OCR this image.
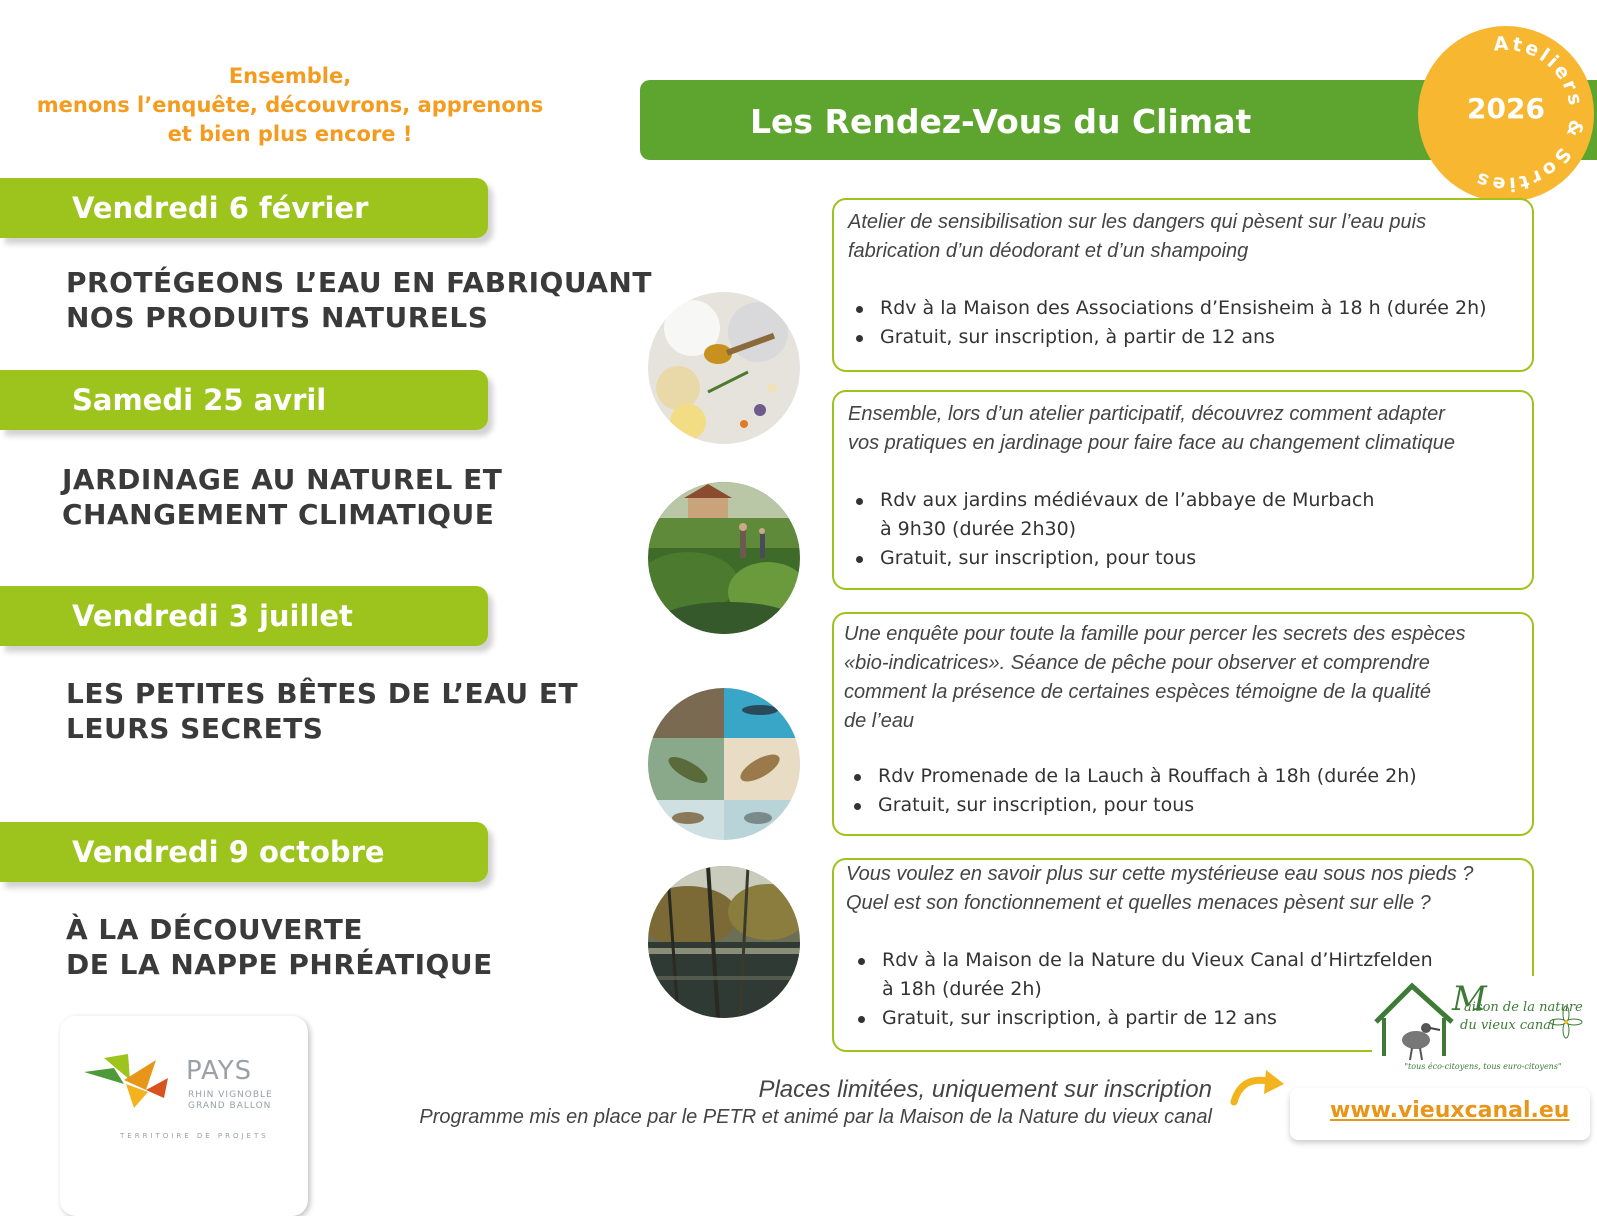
Ensemble,
menons l’enquête, découvrons, apprenons
et bien plus encore !	Les Rendez-Vous du Climat
Ateliers & Sorties
2026
Vendredi 6 février
PROTÉGEONS L’EAU EN FABRIQUANT
NOS PRODUITS NATURELS
Atelier de sensibilisation sur les dangers qui pèsent sur l’eau puis
fabrication d’un déodorant et d’un shampoing
Rdv à la Maison des Associations d’Ensisheim à 18 h (durée 2h)
Gratuit, sur inscription, à partir de 12 ans
Samedi 25 avril
JARDINAGE AU NATUREL ET
CHANGEMENT CLIMATIQUE
Ensemble, lors d’un atelier participatif, découvrez comment adapter
vos pratiques en jardinage pour faire face au changement climatique
Rdv aux jardins médiévaux de l’abbaye de Murbach
à 9h30 (durée 2h30)
Gratuit, sur inscription, pour tous
Vendredi 3 juillet
LES PETITES BÊTES DE L’EAU ET
LEURS SECRETS
Une enquête pour toute la famille pour percer les secrets des espèces
«bio-indicatrices». Séance de pêche pour observer et comprendre
comment la présence de certaines espèces témoigne de la qualité
de l’eau
Rdv Promenade de la Lauch à Rouffach à 18h (durée 2h)
Gratuit, sur inscription, pour tous
Vendredi 9 octobre
À LA DÉCOUVERTE
DE LA NAPPE PHRÉATIQUE
Vous voulez en savoir plus sur cette mystérieuse eau sous nos pieds ?
Quel est son fonctionnement et quelles menaces pèsent sur elle ?
Rdv à la Maison de la Nature du Vieux Canal d’Hirtzfelden
à 18h (durée 2h)
Gratuit, sur inscription, à partir de 12 ans	M
aison de la nature
du vieux canal
"tous éco-citoyens, tous euro-citoyens"
Places limitées, uniquement sur inscription
Programme mis en place par le PETR et animé par la Maison de la Nature du vieux canal	www.vieuxcanal.eu
PAYS
RHIN VIGNOBLE
GRAND BALLON
TERRITOIRE DE PROJETS
